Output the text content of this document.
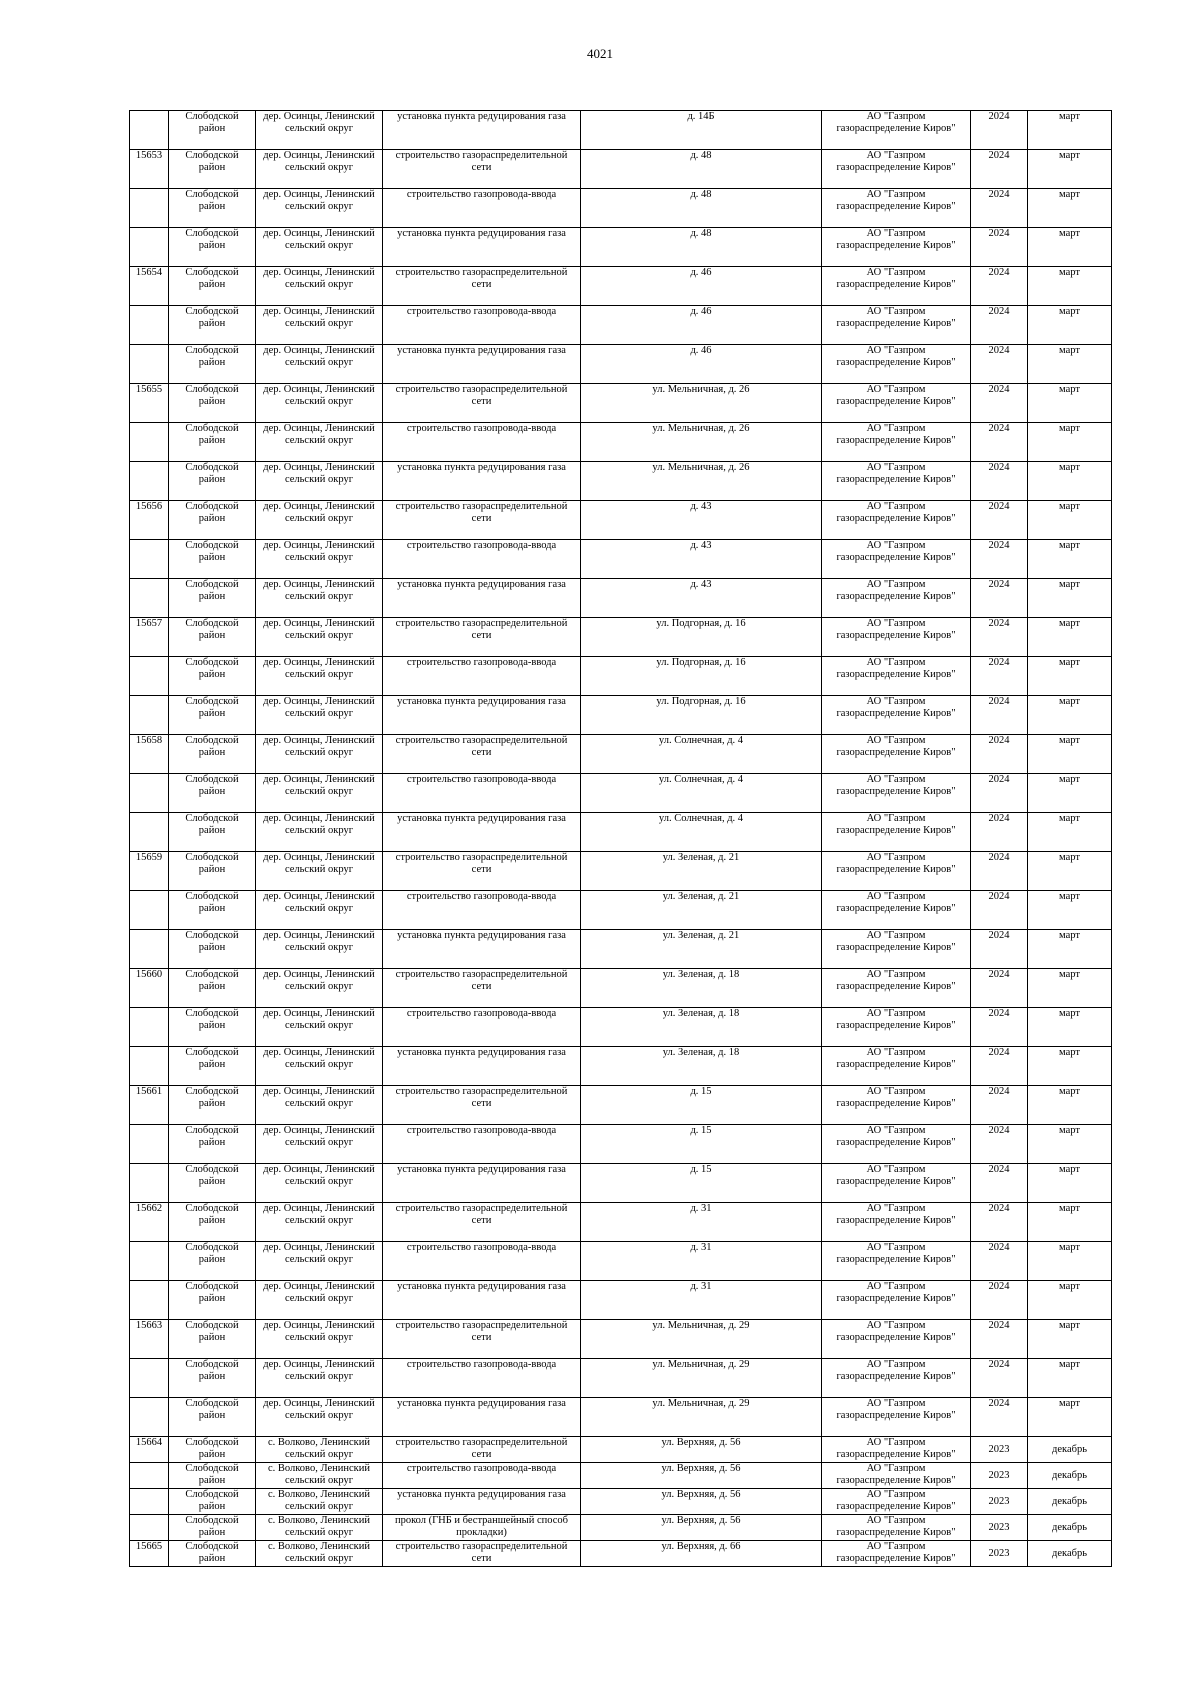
4021
	Слободской район	дер. Осинцы, Ленинский сельский округ	установка пункта редуцирования газа	д. 14Б	АО "Газпром газораспределение Киров"	2024	март
15653	Слободской район	дер. Осинцы, Ленинский сельский округ	строительство газораспределительной сети	д. 48	АО "Газпром газораспределение Киров"	2024	март
	Слободской район	дер. Осинцы, Ленинский сельский округ	строительство газопровода-ввода	д. 48	АО "Газпром газораспределение Киров"	2024	март
	Слободской район	дер. Осинцы, Ленинский сельский округ	установка пункта редуцирования газа	д. 48	АО "Газпром газораспределение Киров"	2024	март
15654	Слободской район	дер. Осинцы, Ленинский сельский округ	строительство газораспределительной сети	д. 46	АО "Газпром газораспределение Киров"	2024	март
	Слободской район	дер. Осинцы, Ленинский сельский округ	строительство газопровода-ввода	д. 46	АО "Газпром газораспределение Киров"	2024	март
	Слободской район	дер. Осинцы, Ленинский сельский округ	установка пункта редуцирования газа	д. 46	АО "Газпром газораспределение Киров"	2024	март
15655	Слободской район	дер. Осинцы, Ленинский сельский округ	строительство газораспределительной сети	ул. Мельничная, д. 26	АО "Газпром газораспределение Киров"	2024	март
	Слободской район	дер. Осинцы, Ленинский сельский округ	строительство газопровода-ввода	ул. Мельничная, д. 26	АО "Газпром газораспределение Киров"	2024	март
	Слободской район	дер. Осинцы, Ленинский сельский округ	установка пункта редуцирования газа	ул. Мельничная, д. 26	АО "Газпром газораспределение Киров"	2024	март
15656	Слободской район	дер. Осинцы, Ленинский сельский округ	строительство газораспределительной сети	д. 43	АО "Газпром газораспределение Киров"	2024	март
	Слободской район	дер. Осинцы, Ленинский сельский округ	строительство газопровода-ввода	д. 43	АО "Газпром газораспределение Киров"	2024	март
	Слободской район	дер. Осинцы, Ленинский сельский округ	установка пункта редуцирования газа	д. 43	АО "Газпром газораспределение Киров"	2024	март
15657	Слободской район	дер. Осинцы, Ленинский сельский округ	строительство газораспределительной сети	ул. Подгорная, д. 16	АО "Газпром газораспределение Киров"	2024	март
	Слободской район	дер. Осинцы, Ленинский сельский округ	строительство газопровода-ввода	ул. Подгорная, д. 16	АО "Газпром газораспределение Киров"	2024	март
	Слободской район	дер. Осинцы, Ленинский сельский округ	установка пункта редуцирования газа	ул. Подгорная, д. 16	АО "Газпром газораспределение Киров"	2024	март
15658	Слободской район	дер. Осинцы, Ленинский сельский округ	строительство газораспределительной сети	ул. Солнечная, д. 4	АО "Газпром газораспределение Киров"	2024	март
	Слободской район	дер. Осинцы, Ленинский сельский округ	строительство газопровода-ввода	ул. Солнечная, д. 4	АО "Газпром газораспределение Киров"	2024	март
	Слободской район	дер. Осинцы, Ленинский сельский округ	установка пункта редуцирования газа	ул. Солнечная, д. 4	АО "Газпром газораспределение Киров"	2024	март
15659	Слободской район	дер. Осинцы, Ленинский сельский округ	строительство газораспределительной сети	ул. Зеленая, д. 21	АО "Газпром газораспределение Киров"	2024	март
	Слободской район	дер. Осинцы, Ленинский сельский округ	строительство газопровода-ввода	ул. Зеленая, д. 21	АО "Газпром газораспределение Киров"	2024	март
	Слободской район	дер. Осинцы, Ленинский сельский округ	установка пункта редуцирования газа	ул. Зеленая, д. 21	АО "Газпром газораспределение Киров"	2024	март
15660	Слободской район	дер. Осинцы, Ленинский сельский округ	строительство газораспределительной сети	ул. Зеленая, д. 18	АО "Газпром газораспределение Киров"	2024	март
	Слободской район	дер. Осинцы, Ленинский сельский округ	строительство газопровода-ввода	ул. Зеленая, д. 18	АО "Газпром газораспределение Киров"	2024	март
	Слободской район	дер. Осинцы, Ленинский сельский округ	установка пункта редуцирования газа	ул. Зеленая, д. 18	АО "Газпром газораспределение Киров"	2024	март
15661	Слободской район	дер. Осинцы, Ленинский сельский округ	строительство газораспределительной сети	д. 15	АО "Газпром газораспределение Киров"	2024	март
	Слободской район	дер. Осинцы, Ленинский сельский округ	строительство газопровода-ввода	д. 15	АО "Газпром газораспределение Киров"	2024	март
	Слободской район	дер. Осинцы, Ленинский сельский округ	установка пункта редуцирования газа	д. 15	АО "Газпром газораспределение Киров"	2024	март
15662	Слободской район	дер. Осинцы, Ленинский сельский округ	строительство газораспределительной сети	д. 31	АО "Газпром газораспределение Киров"	2024	март
	Слободской район	дер. Осинцы, Ленинский сельский округ	строительство газопровода-ввода	д. 31	АО "Газпром газораспределение Киров"	2024	март
	Слободской район	дер. Осинцы, Ленинский сельский округ	установка пункта редуцирования газа	д. 31	АО "Газпром газораспределение Киров"	2024	март
15663	Слободской район	дер. Осинцы, Ленинский сельский округ	строительство газораспределительной сети	ул. Мельничная, д. 29	АО "Газпром газораспределение Киров"	2024	март
	Слободской район	дер. Осинцы, Ленинский сельский округ	строительство газопровода-ввода	ул. Мельничная, д. 29	АО "Газпром газораспределение Киров"	2024	март
	Слободской район	дер. Осинцы, Ленинский сельский округ	установка пункта редуцирования газа	ул. Мельничная, д. 29	АО "Газпром газораспределение Киров"	2024	март
15664	Слободской район	с. Волково, Ленинский сельский округ	строительство газораспределительной сети	ул. Верхняя, д. 56	АО "Газпром газораспределение Киров"	2023	декабрь
	Слободской район	с. Волково, Ленинский сельский округ	строительство газопровода-ввода	ул. Верхняя, д. 56	АО "Газпром газораспределение Киров"	2023	декабрь
	Слободской район	с. Волково, Ленинский сельский округ	установка пункта редуцирования газа	ул. Верхняя, д. 56	АО "Газпром газораспределение Киров"	2023	декабрь
	Слободской район	с. Волково, Ленинский сельский округ	прокол (ГНБ и бестраншейный способ прокладки)	ул. Верхняя, д. 56	АО "Газпром газораспределение Киров"	2023	декабрь
15665	Слободской район	с. Волково, Ленинский сельский округ	строительство газораспределительной сети	ул. Верхняя, д. 66	АО "Газпром газораспределение Киров"	2023	декабрь
